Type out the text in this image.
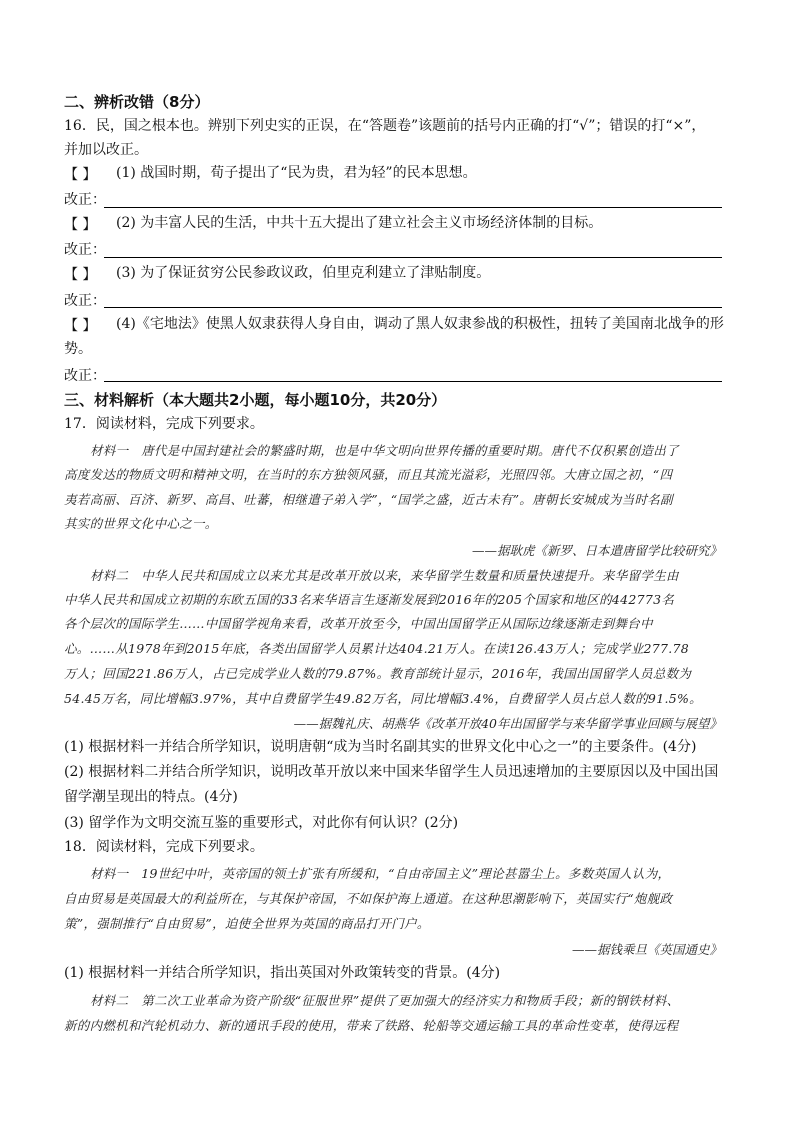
二、辨析改错（8分）
16．民，国之根本也。辨别下列史实的正误，在“答题卷”该题前的括号内正确的打“√”；错误的打“×”，
并加以改正。
【 】 (1) 战国时期，荀子提出了“民为贵，君为轻”的民本思想。
改正：
【 】 (2) 为丰富人民的生活，中共十五大提出了建立社会主义市场经济体制的目标。
改正：
【 】 (3) 为了保证贫穷公民参政议政，伯里克利建立了津贴制度。
改正：
【 】 (4)《宅地法》使黑人奴隶获得人身自由，调动了黑人奴隶参战的积极性，扭转了美国南北战争的形
势。
改正：
三、材料解析（本大题共2小题，每小题10分，共20分）
17．阅读材料，完成下列要求。
材料一　唐代是中国封建社会的繁盛时期，也是中华文明向世界传播的重要时期。唐代不仅积累创造出了
高度发达的物质文明和精神文明，在当时的东方独领风骚，而且其流光溢彩，光照四邻。大唐立国之初，“四
夷若高丽、百济、新罗、高昌、吐蕃，相继遣子弟入学”，“国学之盛，近古未有”。唐朝长安城成为当时名副
其实的世界文化中心之一。
——据耿虎《新罗、日本遣唐留学比较研究》
材料二　中华人民共和国成立以来尤其是改革开放以来，来华留学生数量和质量快速提升。来华留学生由
中华人民共和国成立初期的东欧五国的33名来华语言生逐渐发展到2016年的205个国家和地区的442773名
各个层次的国际学生……中国留学视角来看，改革开放至今，中国出国留学正从国际边缘逐渐走到舞台中
心。……从1978年到2015年底，各类出国留学人员累计达404.21万人。在读126.43万人；完成学业277.78
万人；回国221.86万人，占已完成学业人数的79.87%。教育部统计显示，2016年，我国出国留学人员总数为
54.45万名，同比增幅3.97%，其中自费留学生49.82万名，同比增幅3.4%，自费留学人员占总人数的91.5%。
——据魏礼庆、胡燕华《改革开放40年出国留学与来华留学事业回顾与展望》
(1) 根据材料一并结合所学知识，说明唐朝“成为当时名副其实的世界文化中心之一”的主要条件。(4分)
(2) 根据材料二并结合所学知识，说明改革开放以来中国来华留学生人员迅速增加的主要原因以及中国出国
留学潮呈现出的特点。(4分)
(3) 留学作为文明交流互鉴的重要形式，对此你有何认识？(2分)
18．阅读材料，完成下列要求。
材料一　19世纪中叶，英帝国的领土扩张有所缓和，“自由帝国主义”理论甚嚣尘上。多数英国人认为，
自由贸易是英国最大的利益所在，与其保护帝国，不如保护海上通道。在这种思潮影响下，英国实行“炮舰政
策”，强制推行“自由贸易”，迫使全世界为英国的商品打开门户。
——据钱乘旦《英国通史》
(1) 根据材料一并结合所学知识，指出英国对外政策转变的背景。(4分)
材料二　第二次工业革命为资产阶级“征服世界”提供了更加强大的经济实力和物质手段；新的钢铁材料、
新的内燃机和汽轮机动力、新的通讯手段的使用，带来了铁路、轮船等交通运输工具的革命性变革，使得远程
